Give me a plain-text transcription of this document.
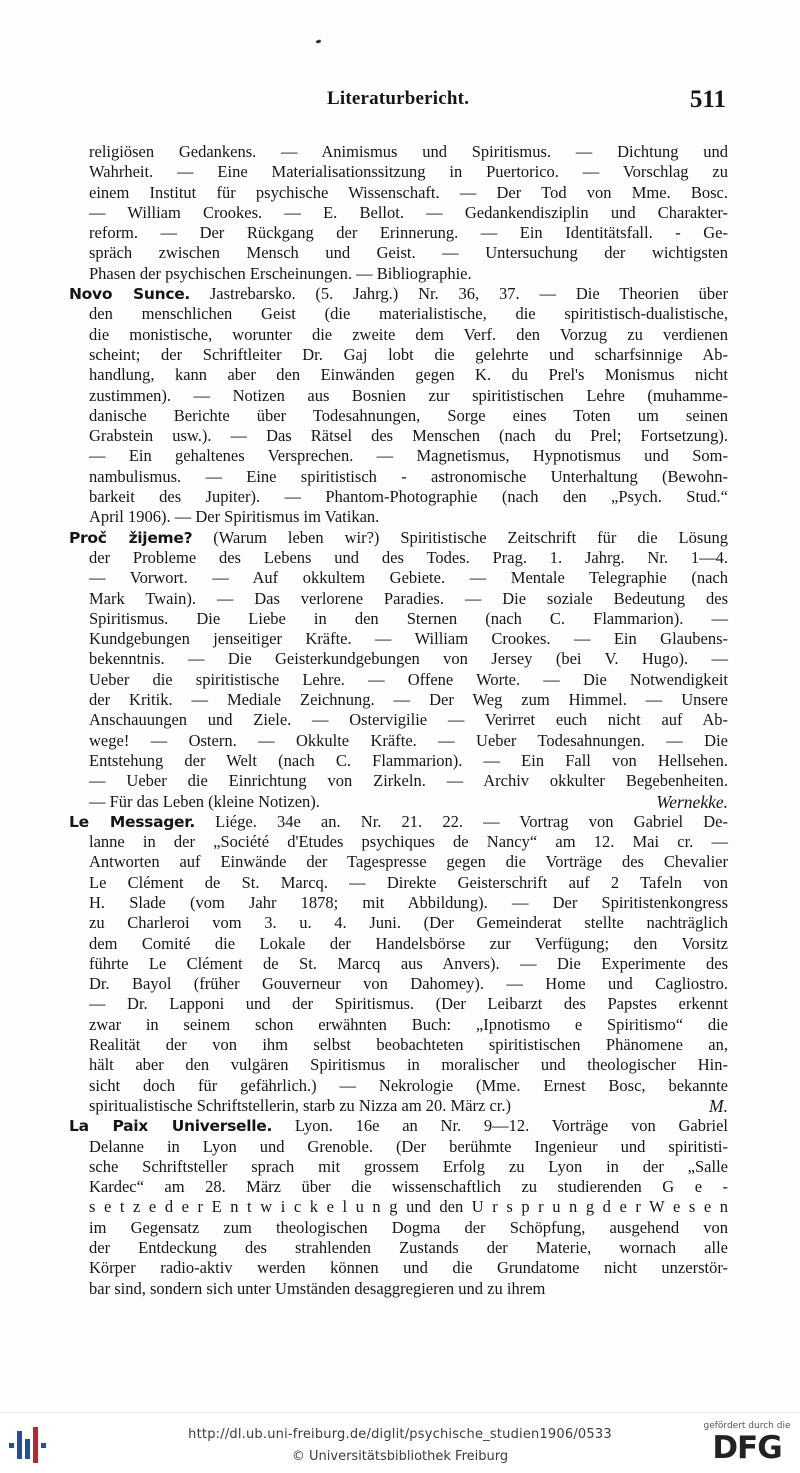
Literaturbericht.	511
religiösen Gedankens. — Animismus und Spiritismus. — Dichtung und
Wahrheit. — Eine Materialisationssitzung in Puertorico. — Vorschlag zu
einem Institut für psychische Wissenschaft. — Der Tod von Mme. Bosc.
— William Crookes. — E. Bellot. — Gedankendisziplin und Charakter-
reform. — Der Rückgang der Erinnerung. — Ein Identitätsfall. - Ge-
spräch zwischen Mensch und Geist. — Untersuchung der wichtigsten
Phasen der psychischen Erscheinungen. — Bibliographie.
Novo Sunce. Jastrebarsko. (5. Jahrg.) Nr. 36, 37. — Die Theorien über
den menschlichen Geist (die materialistische, die spiritistisch-dualistische,
die monistische, worunter die zweite dem Verf. den Vorzug zu verdienen
scheint; der Schriftleiter Dr. Gaj lobt die gelehrte und scharfsinnige Ab-
handlung, kann aber den Einwänden gegen K. du Prel's Monismus nicht
zustimmen). — Notizen aus Bosnien zur spiritistischen Lehre (muhamme-
danische Berichte über Todesahnungen, Sorge eines Toten um seinen
Grabstein usw.). — Das Rätsel des Menschen (nach du Prel; Fortsetzung).
— Ein gehaltenes Versprechen. — Magnetismus, Hypnotismus und Som-
nambulismus. — Eine spiritistisch - astronomische Unterhaltung (Bewohn-
barkeit des Jupiter). — Phantom-Photographie (nach den „Psych. Stud.“
April 1906). — Der Spiritismus im Vatikan.
Proč žijeme? (Warum leben wir?) Spiritistische Zeitschrift für die Lösung
der Probleme des Lebens und des Todes. Prag. 1. Jahrg. Nr. 1—4.
— Vorwort. — Auf okkultem Gebiete. — Mentale Telegraphie (nach
Mark Twain). — Das verlorene Paradies. — Die soziale Bedeutung des
Spiritismus. Die Liebe in den Sternen (nach C. Flammarion). —
Kundgebungen jenseitiger Kräfte. — William Crookes. — Ein Glaubens-
bekenntnis. — Die Geisterkundgebungen von Jersey (bei V. Hugo). —
Ueber die spiritistische Lehre. — Offene Worte. — Die Notwendigkeit
der Kritik. — Mediale Zeichnung. — Der Weg zum Himmel. — Unsere
Anschauungen und Ziele. — Ostervigilie — Verirret euch nicht auf Ab-
wege! — Ostern. — Okkulte Kräfte. — Ueber Todesahnungen. — Die
Entstehung der Welt (nach C. Flammarion). — Ein Fall von Hellsehen.
— Ueber die Einrichtung von Zirkeln. — Archiv okkulter Begebenheiten.
— Für das Leben (kleine Notizen).	Wernekke.
Le Messager. Liége. 34e an. Nr. 21. 22. — Vortrag von Gabriel De-
lanne in der „Société d'Etudes psychiques de Nancy“ am 12. Mai cr. —
Antworten auf Einwände der Tagespresse gegen die Vorträge des Chevalier
Le Clément de St. Marcq. — Direkte Geisterschrift auf 2 Tafeln von
H. Slade (vom Jahr 1878; mit Abbildung). — Der Spiritistenkongress
zu Charleroi vom 3. u. 4. Juni. (Der Gemeinderat stellte nachträglich
dem Comité die Lokale der Handelsbörse zur Verfügung; den Vorsitz
führte Le Clément de St. Marcq aus Anvers). — Die Experimente des
Dr. Bayol (früher Gouverneur von Dahomey). — Home und Cagliostro.
— Dr. Lapponi und der Spiritismus. (Der Leibarzt des Papstes erkennt
zwar in seinem schon erwähnten Buch: „Ipnotismo e Spiritismo“ die
Realität der von ihm selbst beobachteten spiritistischen Phänomene an,
hält aber den vulgären Spiritismus in moralischer und theologischer Hin-
sicht doch für gefährlich.) — Nekrologie (Mme. Ernest Bosc, bekannte
spiritualistische Schriftstellerin, starb zu Nizza am 20. März cr.)	M.
La Paix Universelle. Lyon. 16e an Nr. 9—12. Vorträge von Gabriel
Delanne in Lyon und Grenoble. (Der berühmte Ingenieur und spiritisti-
sche Schriftsteller sprach mit grossem Erfolg zu Lyon in der „Salle
Kardec“ am 28. März über die wissenschaftlich zu studierenden G e -
s e t z e d e r E n t w i c k e l u n g und den U r s p r u n g d e r W e s e n
im Gegensatz zum theologischen Dogma der Schöpfung, ausgehend von
der Entdeckung des strahlenden Zustands der Materie, wornach alle
Körper radio-aktiv werden können und die Grundatome nicht unzerstör-
bar sind, sondern sich unter Umständen desaggregieren und zu ihrem
http://dl.ub.uni-freiburg.de/diglit/psychische_studien1906/0533
© Universitätsbibliothek Freiburg
gefördert durch die
DFG
